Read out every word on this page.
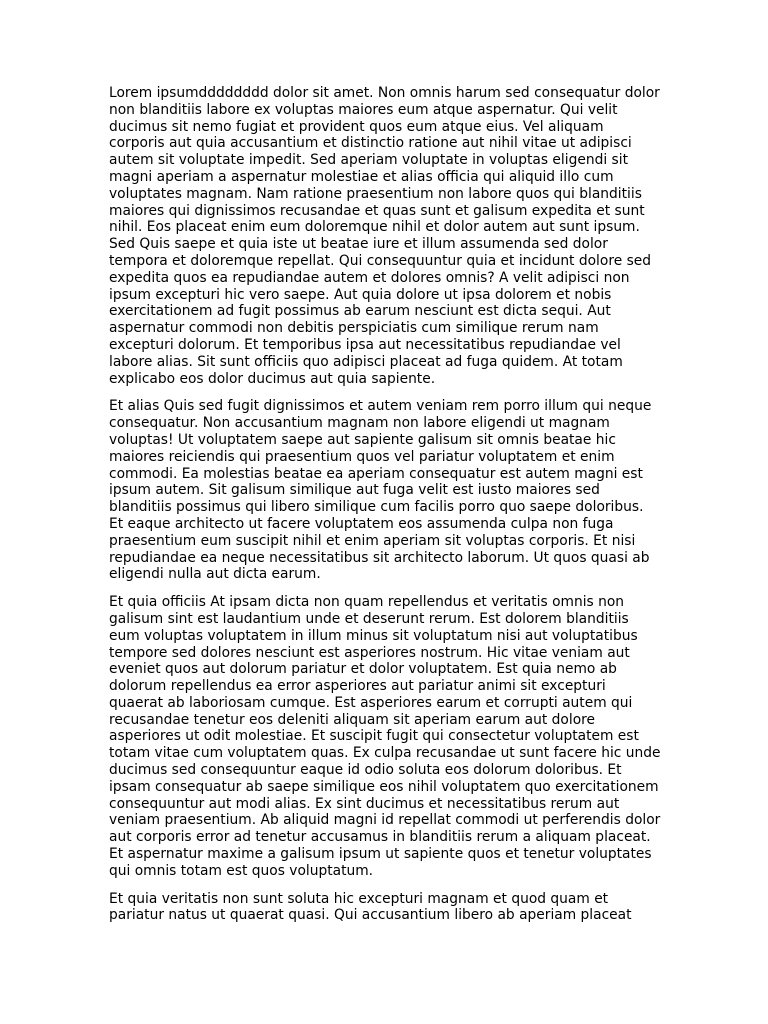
Lorem ipsumdddddddd dolor sit amet. Non omnis harum sed consequatur dolor non blanditiis labore ex voluptas maiores eum atque aspernatur. Qui velit ducimus sit nemo fugiat et provident quos eum atque eius. Vel aliquam corporis aut quia accusantium et distinctio ratione aut nihil vitae ut adipisci autem sit voluptate impedit. Sed aperiam voluptate in voluptas eligendi sit magni aperiam a aspernatur molestiae et alias officia qui aliquid illo cum voluptates magnam. Nam ratione praesentium non labore quos qui blanditiis maiores qui dignissimos recusandae et quas sunt et galisum expedita et sunt nihil. Eos placeat enim eum doloremque nihil et dolor autem aut sunt ipsum. Sed Quis saepe et quia iste ut beatae iure et illum assumenda sed dolor tempora et doloremque repellat. Qui consequuntur quia et incidunt dolore sed expedita quos ea repudiandae autem et dolores omnis? A velit adipisci non ipsum excepturi hic vero saepe. Aut quia dolore ut ipsa dolorem et nobis exercitationem ad fugit possimus ab earum nesciunt est dicta sequi. Aut aspernatur commodi non debitis perspiciatis cum similique rerum nam excepturi dolorum. Et temporibus ipsa aut necessitatibus repudiandae vel labore alias. Sit sunt officiis quo adipisci placeat ad fuga quidem. At totam explicabo eos dolor ducimus aut quia sapiente.

Et alias Quis sed fugit dignissimos et autem veniam rem porro illum qui neque consequatur. Non accusantium magnam non labore eligendi ut magnam voluptas! Ut voluptatem saepe aut sapiente galisum sit omnis beatae hic maiores reiciendis qui praesentium quos vel pariatur voluptatem et enim commodi. Ea molestias beatae ea aperiam consequatur est autem magni est ipsum autem. Sit galisum similique aut fuga velit est iusto maiores sed blanditiis possimus qui libero similique cum facilis porro quo saepe doloribus. Et eaque architecto ut facere voluptatem eos assumenda culpa non fuga praesentium eum suscipit nihil et enim aperiam sit voluptas corporis. Et nisi repudiandae ea neque necessitatibus sit architecto laborum. Ut quos quasi ab eligendi nulla aut dicta earum.

Et quia officiis At ipsam dicta non quam repellendus et veritatis omnis non galisum sint est laudantium unde et deserunt rerum. Est dolorem blanditiis eum voluptas voluptatem in illum minus sit voluptatum nisi aut voluptatibus tempore sed dolores nesciunt est asperiores nostrum. Hic vitae veniam aut eveniet quos aut dolorum pariatur et dolor voluptatem. Est quia nemo ab dolorum repellendus ea error asperiores aut pariatur animi sit excepturi quaerat ab laboriosam cumque. Est asperiores earum et corrupti autem qui recusandae tenetur eos deleniti aliquam sit aperiam earum aut dolore asperiores ut odit molestiae. Et suscipit fugit qui consectetur voluptatem est totam vitae cum voluptatem quas. Ex culpa recusandae ut sunt facere hic unde ducimus sed consequuntur eaque id odio soluta eos dolorum doloribus. Et ipsam consequatur ab saepe similique eos nihil voluptatem quo exercitationem consequuntur aut modi alias. Ex sint ducimus et necessitatibus rerum aut veniam praesentium. Ab aliquid magni id repellat commodi ut perferendis dolor aut corporis error ad tenetur accusamus in blanditiis rerum a aliquam placeat. Et aspernatur maxime a galisum ipsum ut sapiente quos et tenetur voluptates qui omnis totam est quos voluptatum.

Et quia veritatis non sunt soluta hic excepturi magnam et quod quam et pariatur natus ut quaerat quasi. Qui accusantium libero ab aperiam placeat
